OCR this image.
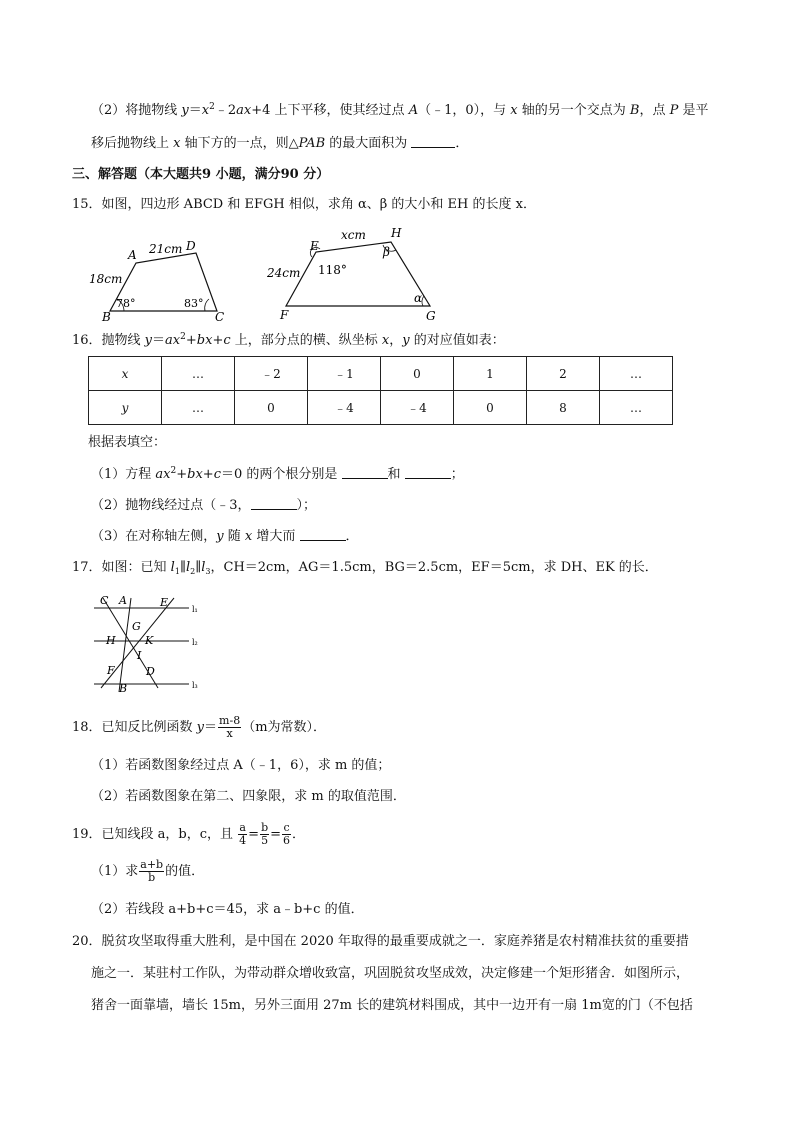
（2）将抛物线 $y=x^2﹣2ax+4$ 上下平移，使其经过点 A（﹣1，0），与 x 轴的另一个交点为 B，点 P 是平
移后抛物线上 x 轴下方的一点，则△PAB 的最大面积为	．
三、解答题（本大题共9 小题，满分90 分）
15．如图，四边形 ABCD 和 EFGH 相似，求角 α、β 的大小和 EH 的长度 x．
A
D
B	C
21cm
18cm
78°	83°
E
H
F	G
xcm
24cm 118°
β
α
16．抛物线 $y=ax^2+bx+c$ 上，部分点的横、纵坐标 x，y 的对应值如表：
x	…	﹣2	﹣1	0	1	2	…
y	…	0	﹣4	﹣4	0	8	…
根据表填空：
（1）方程 $ax^2+bx+c=0$ 的两个根分别是	和	；
（2）抛物线经过点（﹣3，	）；
（3）在对称轴左侧，y 随 x 增大而	．
17．如图：已知 $l_1\parallel l_2\parallel l_3$，CH＝2cm，AG＝1.5cm，BG＝2.5cm，EF＝5cm，求 DH、EK 的长．
C A	E
G
H	K
I
F	D
B
l₁
l₂
l₃
18．已知反比例函数 $y= \frac{m-8}{x} (m$为常数）．
（1）若函数图象经过点 A（﹣1，6），求 m 的值；
（2）若函数图象在第二、四象限，求 m 的取值范围．
19．已知线段 a，b，c，且 $\frac{a}{4} = \frac{b}{5} = \frac{c}{6}$ ．
（1）求 $\frac{a+b}{b}$ 的值．
（2）若线段 a+b+c＝45，求 a﹣b+c 的值．
20．脱贫攻坚取得重大胜利，是中国在 2020 年取得的最重要成就之一．家庭养猪是农村精准扶贫的重要措
施之一．某驻村工作队，为带动群众增收致富，巩固脱贫攻坚成效，决定修建一个矩形猪舍．如图所示，
猪舍一面靠墙，墙长 15m，另外三面用 27m 长的建筑材料围成，其中一边开有一扇 1m宽的门（不包括
